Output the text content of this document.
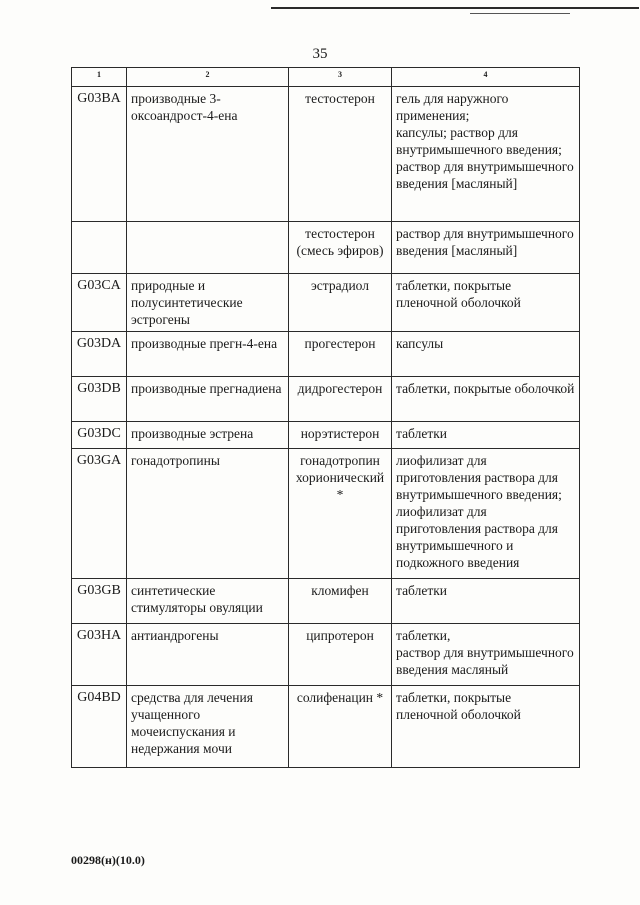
35
1	2	3	4
G03BA	производные 3-оксоандрост-4-ена	тестостерон	гель для наружного применения;
капсулы; раствор для внутримышечного введения;
раствор для внутримышечного введения [масляный]
		тестостерон (смесь эфиров)	раствор для внутримышечного введения [масляный]
G03CA	природные и полусинтетические эстрогены	эстрадиол	таблетки, покрытые пленочной оболочкой
G03DA	производные прегн-4-ена	прогестерон	капсулы
G03DB	производные прегнадиена	дидрогестерон	таблетки, покрытые оболочкой
G03DC	производные эстрена	норэтистерон	таблетки
G03GA	гонадотропины	гонадотропин хорионический *	лиофилизат для приготовления раствора для внутримышечного введения;
лиофилизат для приготовления раствора для внутримышечного и подкожного введения
G03GB	синтетические стимуляторы овуляции	кломифен	таблетки
G03HA	антиандрогены	ципротерон	таблетки,
раствор для внутримышечного введения масляный
G04BD	средства для лечения учащенного мочеиспускания и недержания мочи	солифенацин *	таблетки, покрытые пленочной оболочкой
00298(н)(10.0)
